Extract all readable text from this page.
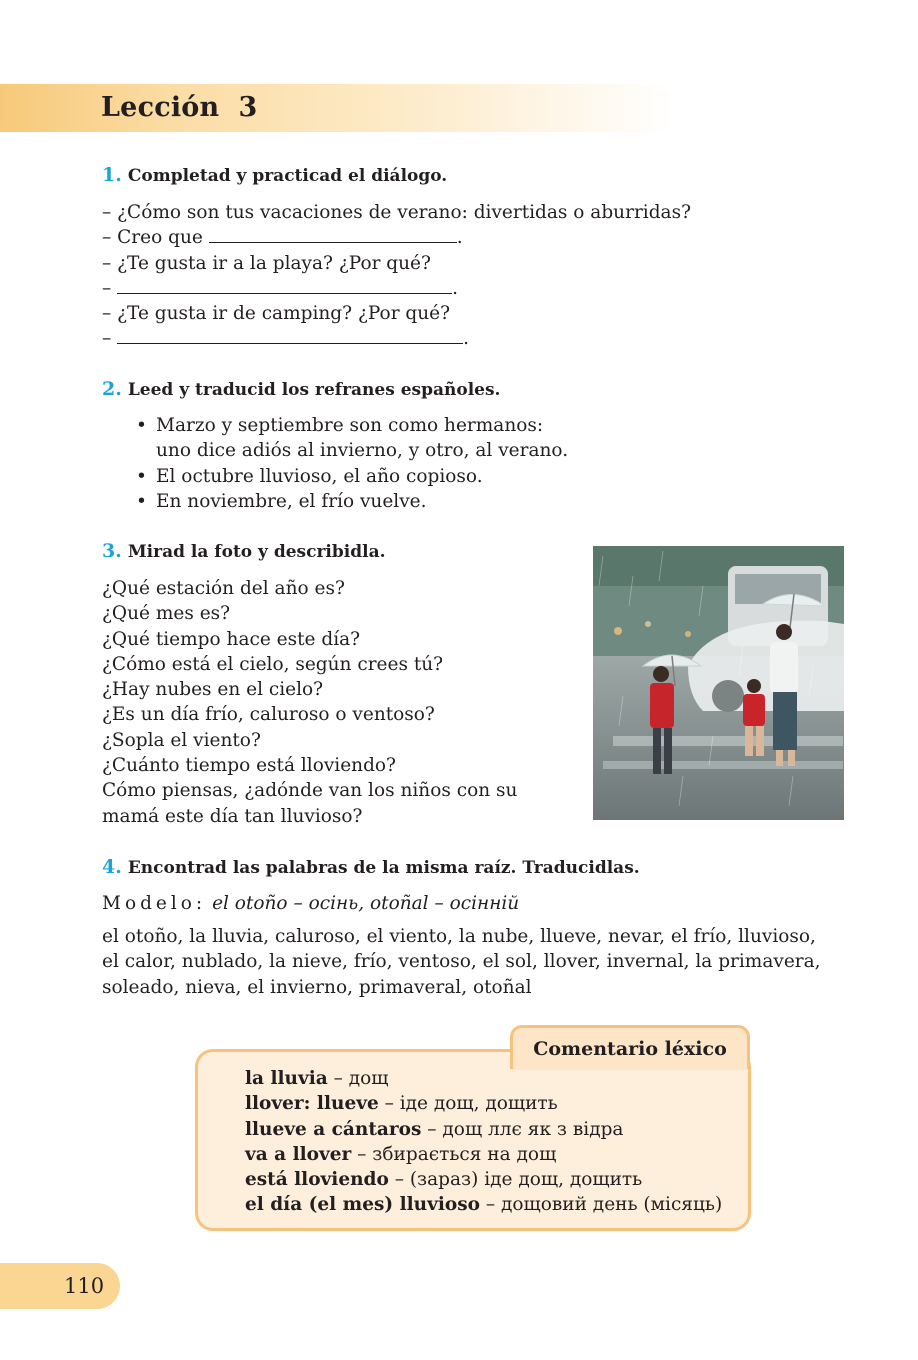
Lección  3
1. Completad y practicad el diálogo.
– ¿Cómo son tus vacaciones de verano: divertidas o aburridas?
– Creo que	.
– ¿Te gusta ir a la playa? ¿Por qué?
–	.
– ¿Te gusta ir de camping? ¿Por qué?
–	.
2. Leed y traducid los refranes españoles.
• Marzo y septiembre son como hermanos:
uno dice adiós al invierno, y otro, al verano.
• El octubre lluvioso, el año copioso.
• En noviembre, el frío vuelve.
3. Mirad la foto y describidla.
¿Qué estación del año es?
¿Qué mes es?
¿Qué tiempo hace este día?
¿Cómo está el cielo, según crees tú?
¿Hay nubes en el cielo?
¿Es un día frío, caluroso o ventoso?
¿Sopla el viento?
¿Cuánto tiempo está lloviendo?
Cómo piensas, ¿adónde van los niños con su
mamá este día tan lluvioso?
4. Encontrad las palabras de la misma raíz. Traducidlas.
Modelo: el otoño – осінь, otoñal – осінній
el otoño, la lluvia, caluroso, el viento, la nube, llueve, nevar, el frío, lluvioso,
el calor, nublado, la nieve, frío, ventoso, el sol, llover, invernal, la primavera,
soleado, nieva, el invierno, primaveral, otoñal
Comentario léxico
la lluvia – дощ
llover: llueve – іде дощ, дощить
llueve a cántaros – дощ ллє як з відра
va a llover – збирається на дощ
está lloviendo – (зараз) іде дощ, дощить
el día (el mes) lluvioso – дощовий день (місяць)
110
